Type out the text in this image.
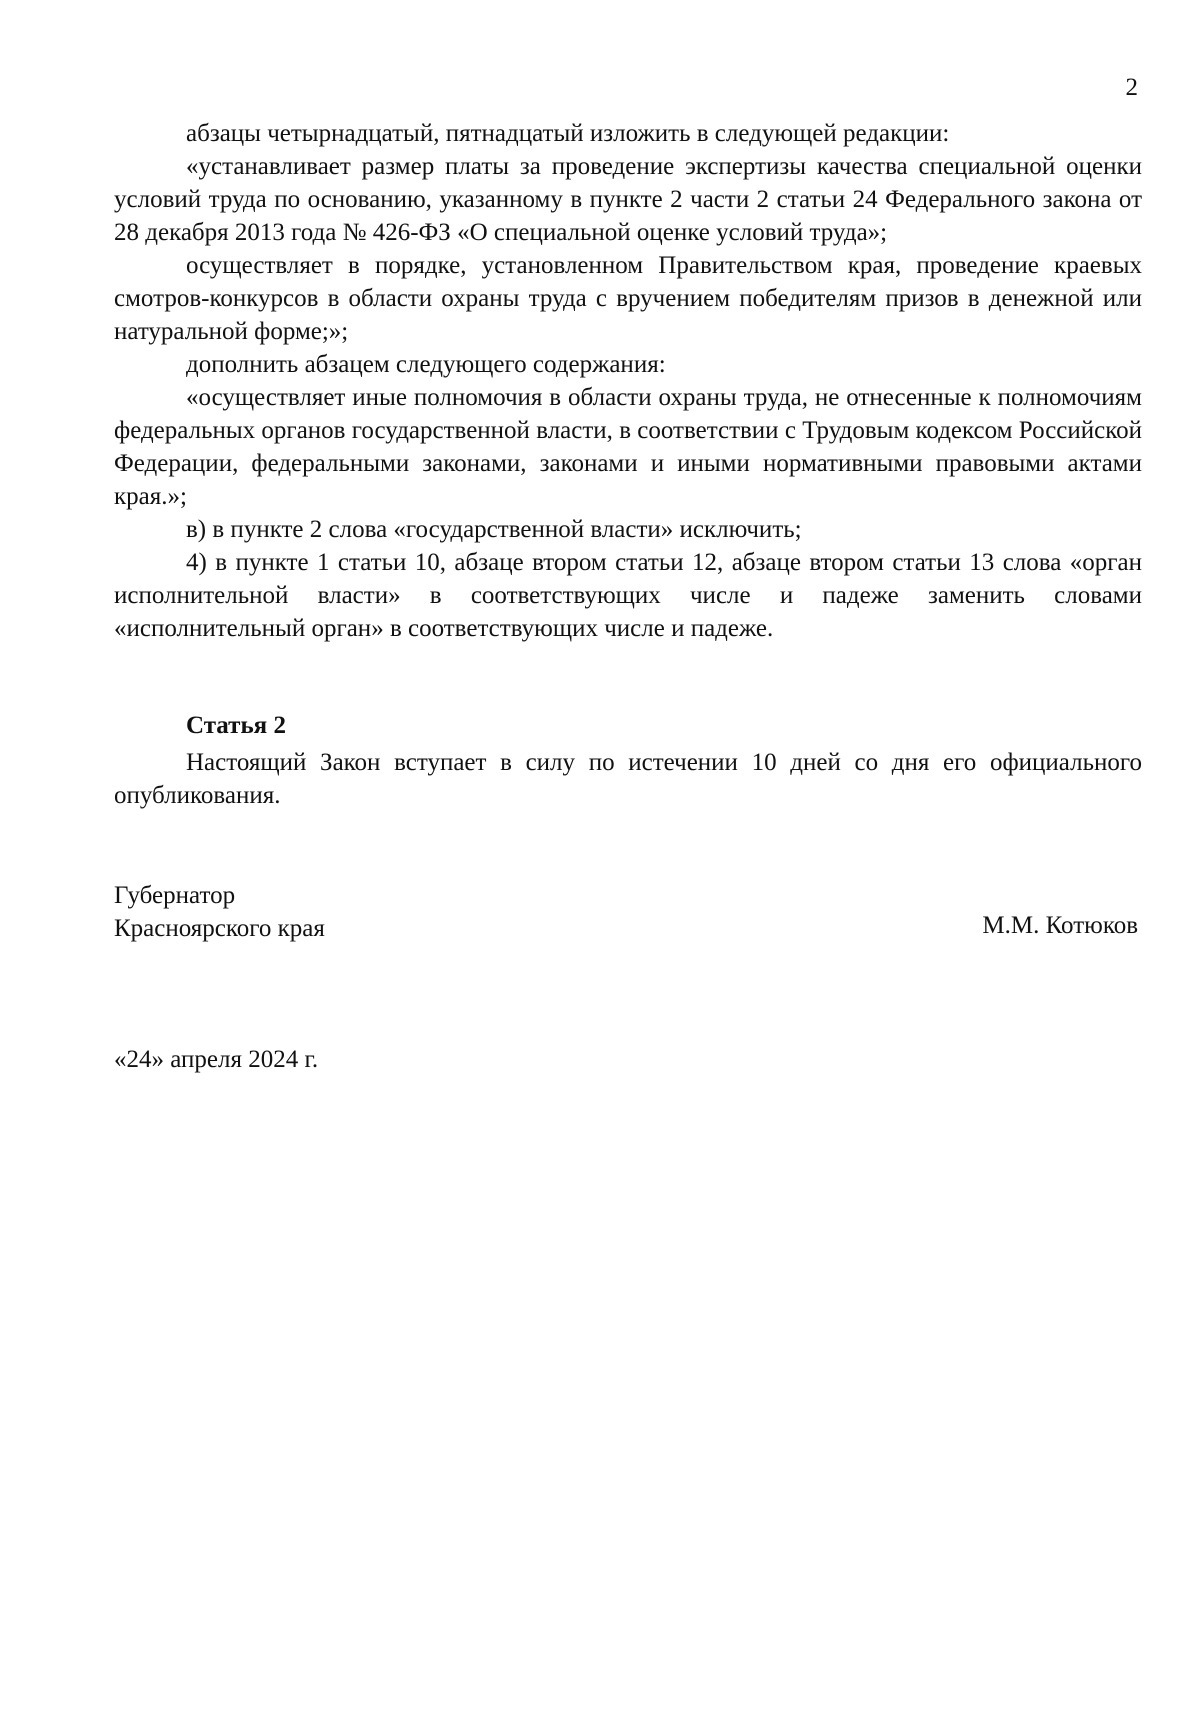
2

абзацы четырнадцатый, пятнадцатый изложить в следующей редакции:

«устанавливает размер платы за проведение экспертизы качества специальной оценки условий труда по основанию, указанному в пункте 2 части 2 статьи 24 Федерального закона от 28 декабря 2013 года № 426-ФЗ «О специальной оценке условий труда»;

осуществляет в порядке, установленном Правительством края, проведение краевых смотров-конкурсов в области охраны труда с вручением победителям призов в денежной или натуральной форме;»;

дополнить абзацем следующего содержания:

«осуществляет иные полномочия в области охраны труда, не отнесенные к полномочиям федеральных органов государственной власти, в соответствии с Трудовым кодексом Российской Федерации, федеральными законами, законами и иными нормативными правовыми актами края.»;

в) в пункте 2 слова «государственной власти» исключить;

4) в пункте 1 статьи 10, абзаце втором статьи 12, абзаце втором статьи 13 слова «орган исполнительной власти» в соответствующих числе и падеже заменить словами «исполнительный орган» в соответствующих числе и падеже.

Статья 2

Настоящий Закон вступает в силу по истечении 10 дней со дня его официального опубликования.

Губернатор
Красноярского края	М.М. Котюков
«24» апреля 2024 г.
